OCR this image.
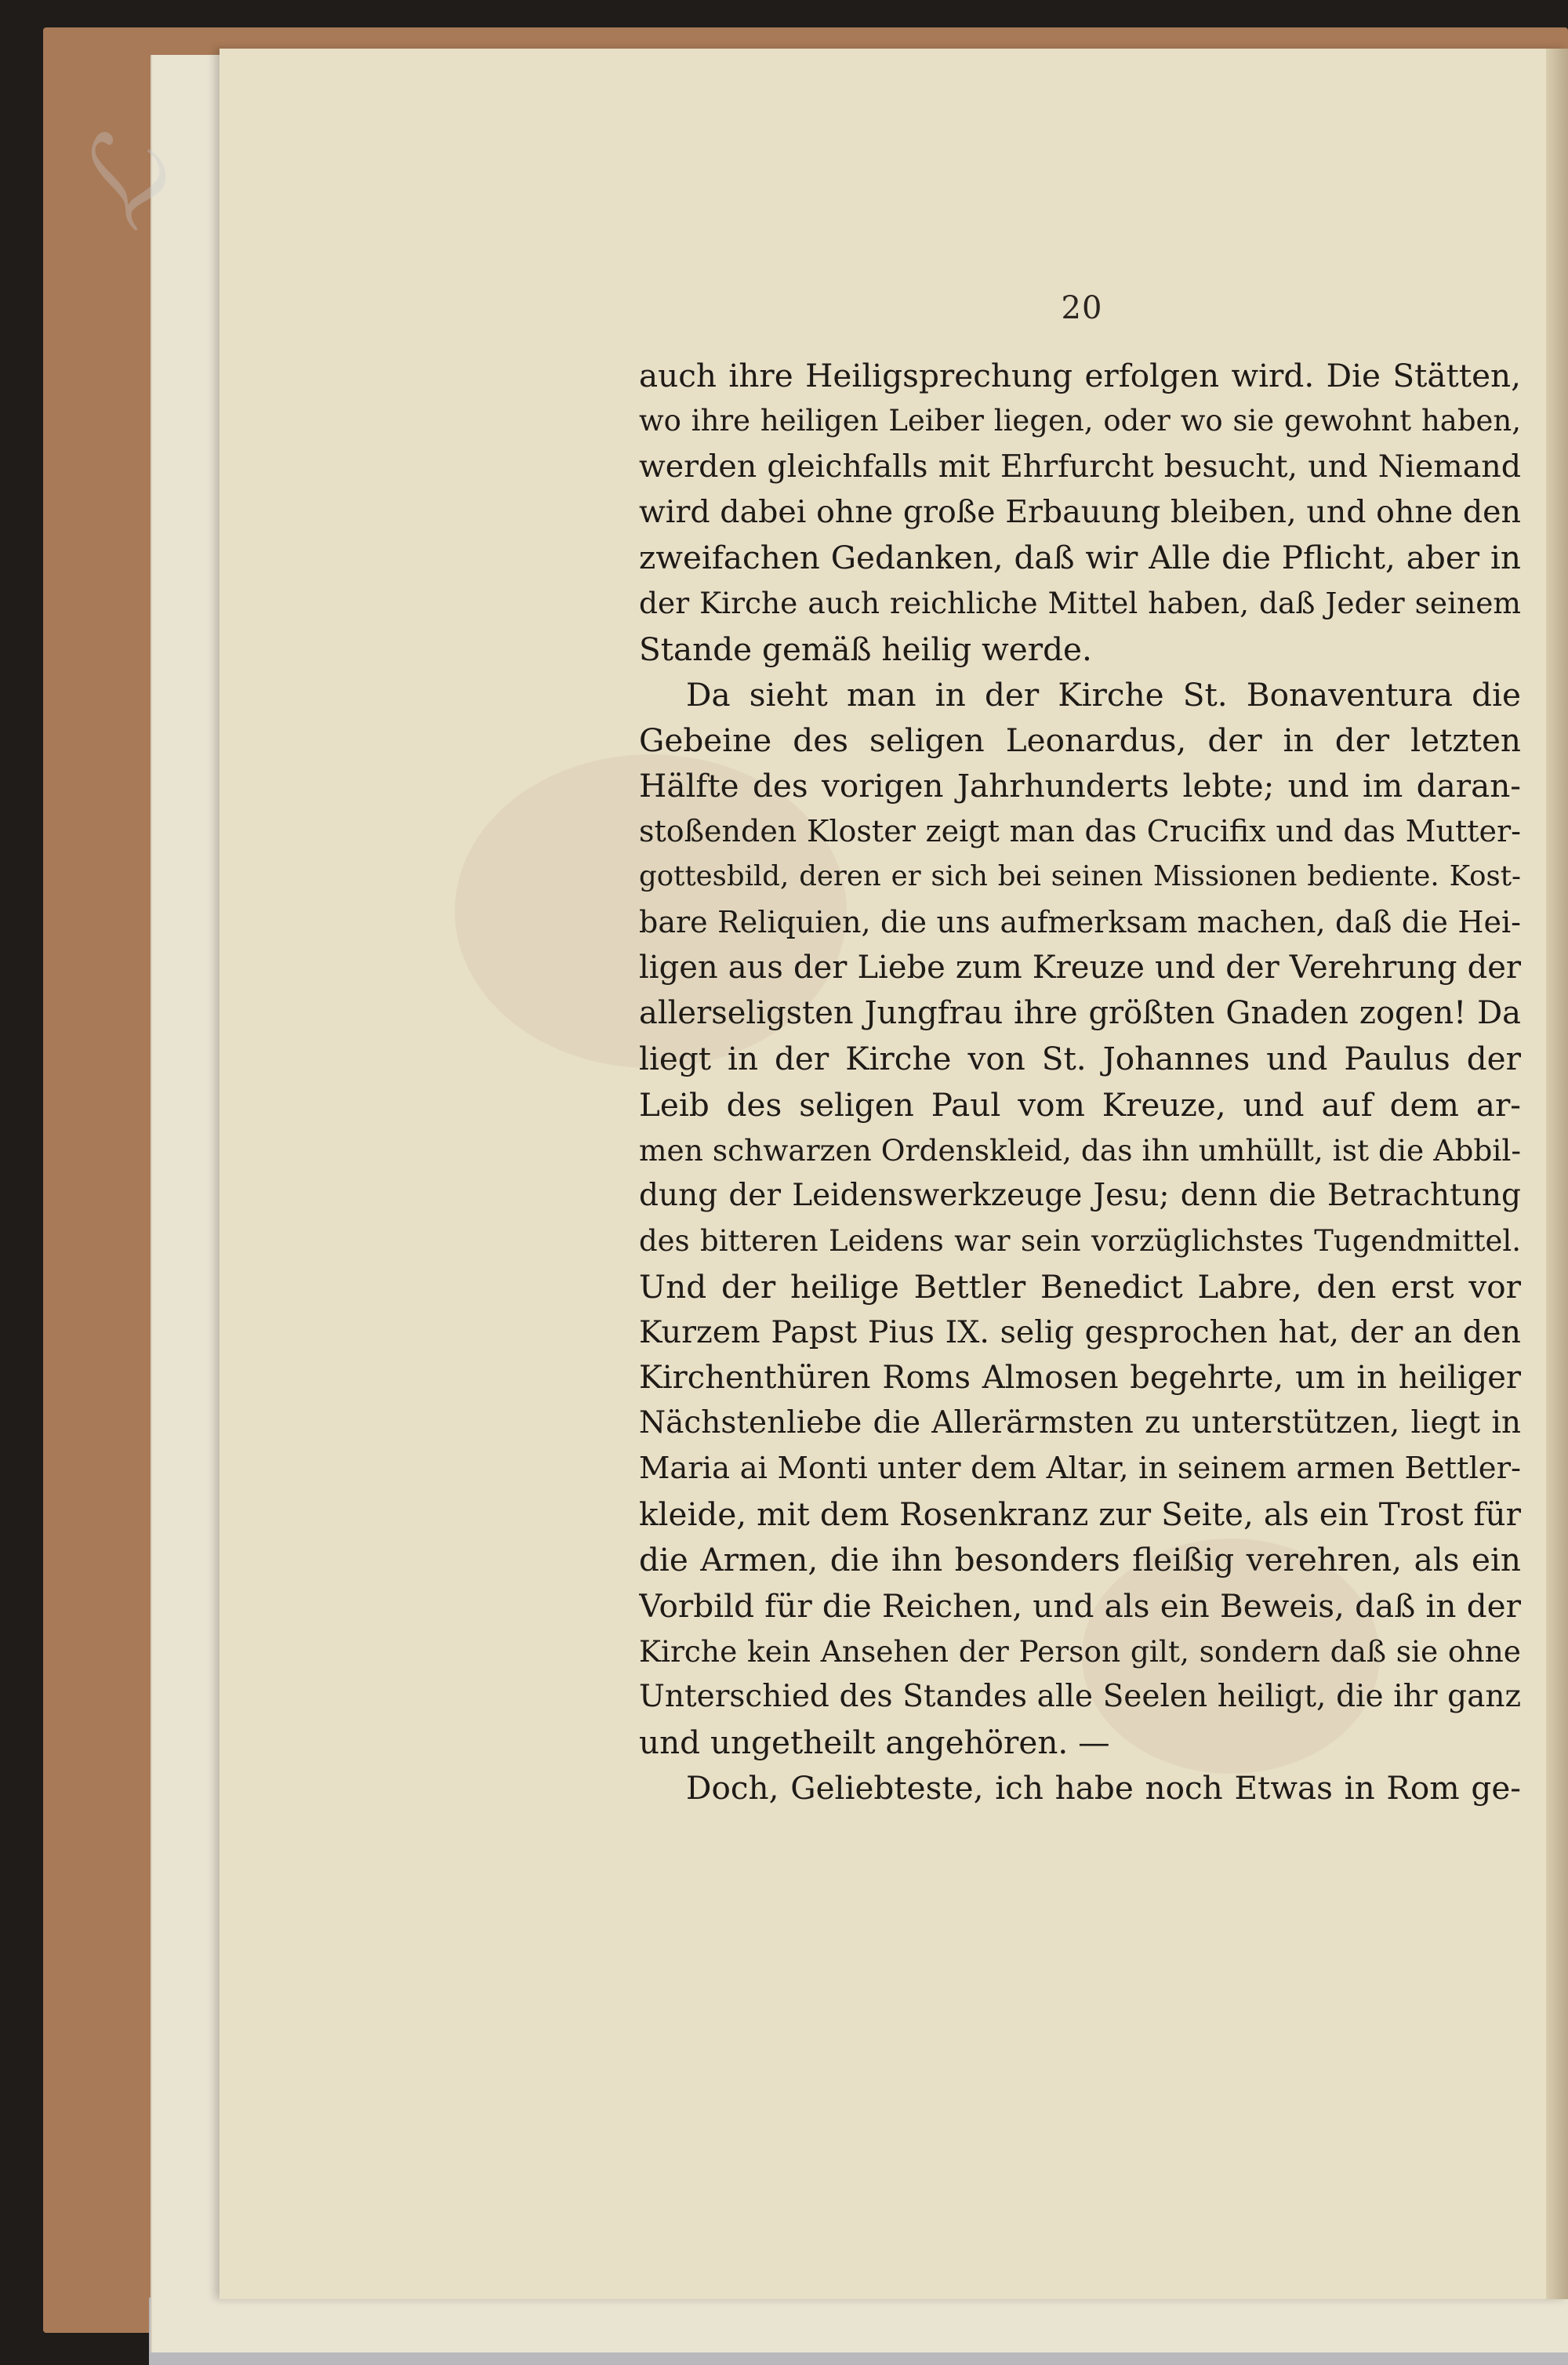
ℒ
20
auch ihre Heiligsprechung erfolgen wird. Die Stätten,
wo ihre heiligen Leiber liegen, oder wo sie gewohnt haben,
werden gleichfalls mit Ehrfurcht besucht, und Niemand
wird dabei ohne große Erbauung bleiben, und ohne den
zweifachen Gedanken, daß wir Alle die Pflicht, aber in
der Kirche auch reichliche Mittel haben, daß Jeder seinem
Stande gemäß heilig werde.
Da sieht man in der Kirche St. Bonaventura die
Gebeine des seligen Leonardus, der in der letzten
Hälfte des vorigen Jahrhunderts lebte; und im daran-
stoßenden Kloster zeigt man das Crucifix und das Mutter-
gottesbild, deren er sich bei seinen Missionen bediente. Kost-
bare Reliquien, die uns aufmerksam machen, daß die Hei-
ligen aus der Liebe zum Kreuze und der Verehrung der
allerseligsten Jungfrau ihre größten Gnaden zogen! Da
liegt in der Kirche von St. Johannes und Paulus der
Leib des seligen Paul vom Kreuze, und auf dem ar-
men schwarzen Ordenskleid, das ihn umhüllt, ist die Abbil-
dung der Leidenswerkzeuge Jesu; denn die Betrachtung
des bitteren Leidens war sein vorzüglichstes Tugendmittel.
Und der heilige Bettler Benedict Labre, den erst vor
Kurzem Papst Pius IX. selig gesprochen hat, der an den
Kirchenthüren Roms Almosen begehrte, um in heiliger
Nächstenliebe die Allerärmsten zu unterstützen, liegt in
Maria ai Monti unter dem Altar, in seinem armen Bettler-
kleide, mit dem Rosenkranz zur Seite, als ein Trost für
die Armen, die ihn besonders fleißig verehren, als ein
Vorbild für die Reichen, und als ein Beweis, daß in der
Kirche kein Ansehen der Person gilt, sondern daß sie ohne
Unterschied des Standes alle Seelen heiligt, die ihr ganz
und ungetheilt angehören. —
Doch, Geliebteste, ich habe noch Etwas in Rom ge-
